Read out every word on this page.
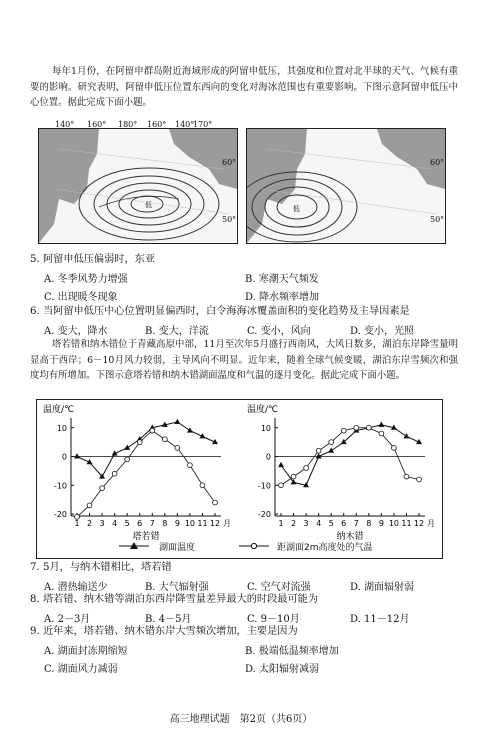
每年1月份，在阿留申群岛附近海域形成的阿留申低压，其强度和位置对北半球的天气、气候有重要的影响。研究表明，阿留申低压位置东西向的变化对海冰范围也有重要影响。下图示意阿留申低压中心位置。据此完成下面小题。
低
140° 160° 180° 160° 140°
170°
60°
50°
低
60°
50°
5. 阿留申低压偏弱时，东亚
A. 冬季风势力增强	B. 寒潮天气频发
C. 出现暖冬现象	D. 降水频率增加
6. 当阿留申低压中心位置明显偏西时，白令海海冰覆盖面积的变化趋势及主导因素是
A. 变大，降水	B. 变大，洋流	C. 变小，风向	D. 变小，光照
塔若错和纳木错位于青藏高原中部，11月至次年5月盛行西南风，大风日数多，湖泊东岸降雪量明显高于西岸；6－10月风力较弱，主导风向不明显。近年来，随着全球气候变暖，湖泊东岸雪频次和强度均有所增加。下图示意塔若错和纳木错湖面温度和气温的逐月变化。据此完成下面小题。
湖面温度	距湖面2m高度处的气温
温度/℃
10
0
-10
-20
1 2 3 4 5 6 7 8 9 10 11 12 月
塔若错
温度/℃
10
0
-10
-20
1 2 3 4 5 6 7 8 9 10 11 12 月
纳木错
7. 5月，与纳木错相比，塔若错
A. 潜热输送少	B. 大气辐射强	C. 空气对流强	D. 湖面辐射弱
8. 塔若错、纳木错等湖泊东西岸降雪量差异最大的时段最可能为
A. 2－3月	B. 4－5月	C. 9－10月	D. 11－12月
9. 近年来，塔若错、纳木错东岸大雪频次增加，主要是因为
A. 湖面封冻期缩短	B. 极端低温频率增加
C. 湖面风力减弱	D. 太阳辐射减弱
高三地理试题　第2页（共6页）
